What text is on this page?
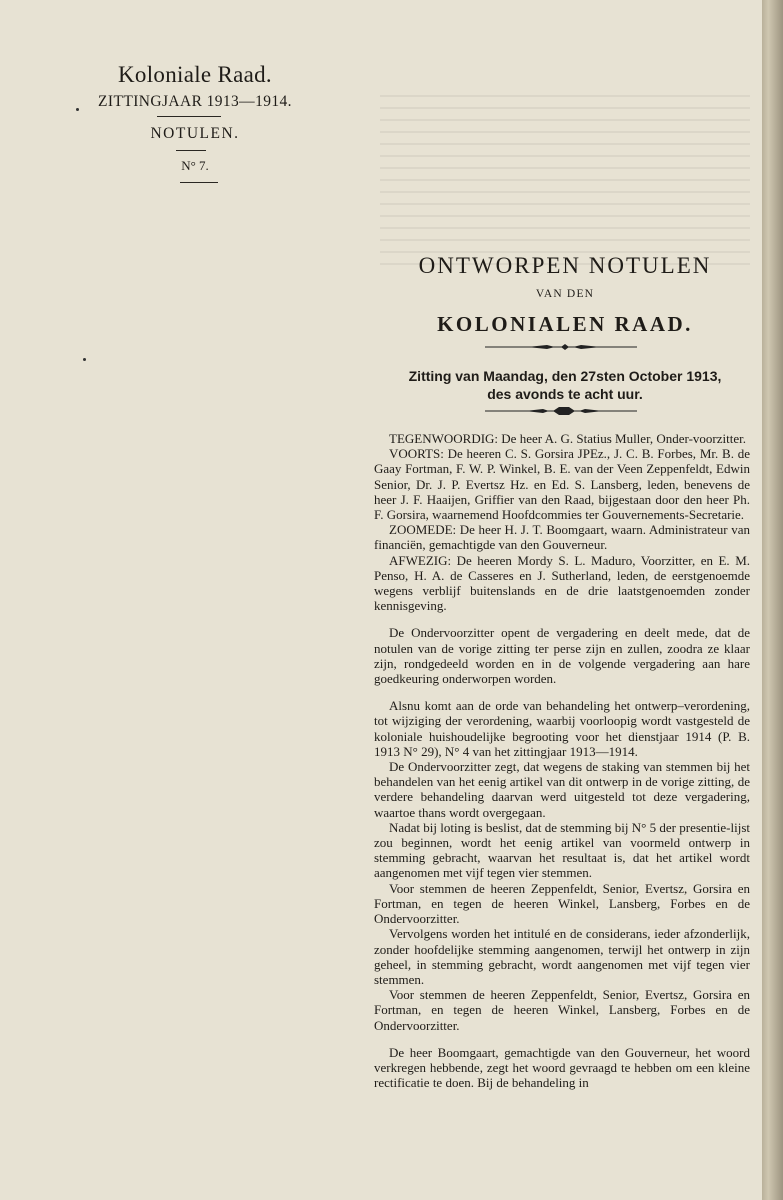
Koloniale Raad.
ZITTINGJAAR 1913—1914.
NOTULEN.
N° 7.
ONTWORPEN NOTULEN
VAN DEN
KOLONIALEN RAAD.
Zitting van Maandag, den 27sten October 1913,
des avonds te acht uur.

TEGENWOORDIG: De heer A. G. Statius Muller, Onder-voorzitter.

VOORTS: De heeren C. S. Gorsira JPEz., J. C. B. Forbes, Mr. B. de Gaay Fortman, F. W. P. Winkel, B. E. van der Veen Zeppenfeldt, Edwin Senior, Dr. J. P. Evertsz Hz. en Ed. S. Lansberg, leden, benevens de heer J. F. Haaijen, Griffier van den Raad, bijgestaan door den heer Ph. F. Gorsira, waarnemend Hoofdcommies ter Gouvernements-Secretarie.

ZOOMEDE: De heer H. J. T. Boomgaart, waarn. Administrateur van financiën, gemachtigde van den Gouverneur.

AFWEZIG: De heeren Mordy S. L. Maduro, Voorzitter, en E. M. Penso, H. A. de Casseres en J. Sutherland, leden, de eerstgenoemde wegens verblijf buitenslands en de drie laatstgenoemden zonder kennisgeving.

De Ondervoorzitter opent de vergadering en deelt mede, dat de notulen van de vorige zitting ter perse zijn en zullen, zoodra ze klaar zijn, rondgedeeld worden en in de volgende vergadering aan hare goedkeuring onderworpen worden.

Alsnu komt aan de orde van behandeling het ontwerp–verordening, tot wijziging der verordening, waarbij voorloopig wordt vastgesteld de koloniale huishoudelijke begrooting voor het dienstjaar 1914 (P. B. 1913 N° 29), N° 4 van het zittingjaar 1913—1914.

De Ondervoorzitter zegt, dat wegens de staking van stemmen bij het behandelen van het eenig artikel van dit ontwerp in de vorige zitting, de verdere behandeling daarvan werd uitgesteld tot deze vergadering, waartoe thans wordt overgegaan.

Nadat bij loting is beslist, dat de stemming bij N° 5 der presentie-lijst zou beginnen, wordt het eenig artikel van voormeld ontwerp in stemming gebracht, waarvan het resultaat is, dat het artikel wordt aangenomen met vijf tegen vier stemmen.

Voor stemmen de heeren Zeppenfeldt, Senior, Evertsz, Gorsira en Fortman, en tegen de heeren Winkel, Lansberg, Forbes en de Ondervoorzitter.

Vervolgens worden het intitulé en de considerans, ieder afzonderlijk, zonder hoofdelijke stemming aangenomen, terwijl het ontwerp in zijn geheel, in stemming gebracht, wordt aangenomen met vijf tegen vier stemmen.

Voor stemmen de heeren Zeppenfeldt, Senior, Evertsz, Gorsira en Fortman, en tegen de heeren Winkel, Lansberg, Forbes en de Ondervoorzitter.

De heer Boomgaart, gemachtigde van den Gouverneur, het woord verkregen hebbende, zegt het woord gevraagd te hebben om een kleine rectificatie te doen. Bij de behandeling in
